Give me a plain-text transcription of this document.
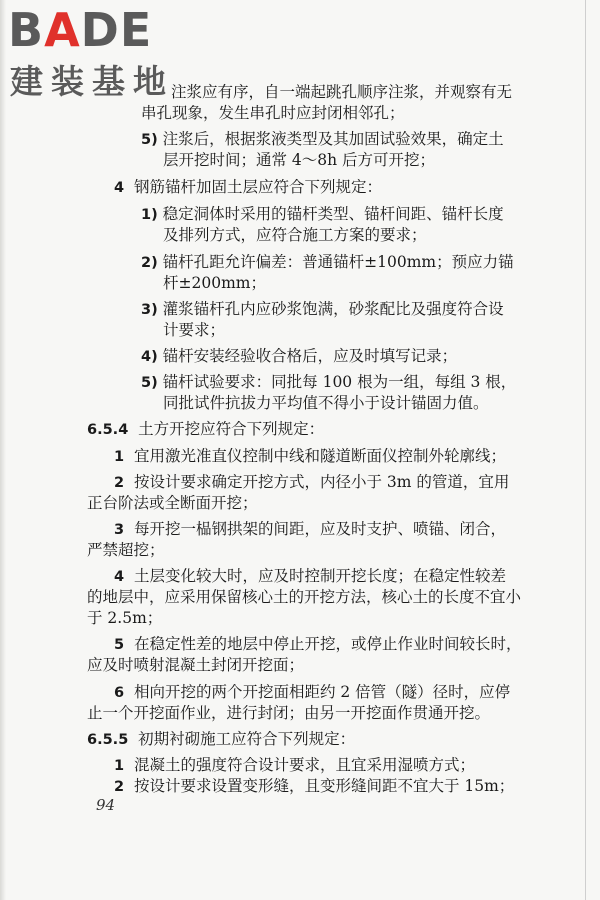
注浆应有序，自一端起跳孔顺序注浆，并观察有无
串孔现象，发生串孔时应封闭相邻孔；
5) 注浆后，根据浆液类型及其加固试验效果，确定土
层开挖时间；通常 4～8h 后方可开挖；
4 钢筋锚杆加固土层应符合下列规定：
1) 稳定洞体时采用的锚杆类型、锚杆间距、锚杆长度
及排列方式，应符合施工方案的要求；
2) 锚杆孔距允许偏差：普通锚杆±100mm；预应力锚
杆±200mm；
3) 灌浆锚杆孔内应砂浆饱满，砂浆配比及强度符合设
计要求；
4) 锚杆安装经验收合格后，应及时填写记录；
5) 锚杆试验要求：同批每 100 根为一组，每组 3 根，
同批试件抗拔力平均值不得小于设计锚固力值。
6.5.4 土方开挖应符合下列规定：
1 宜用激光准直仪控制中线和隧道断面仪控制外轮廓线；
2 按设计要求确定开挖方式，内径小于 3m 的管道，宜用
正台阶法或全断面开挖；
3 每开挖一榀钢拱架的间距，应及时支护、喷锚、闭合，
严禁超挖；
4 土层变化较大时，应及时控制开挖长度；在稳定性较差
的地层中，应采用保留核心土的开挖方法，核心土的长度不宜小
于 2.5m；
5 在稳定性差的地层中停止开挖，或停止作业时间较长时，
应及时喷射混凝土封闭开挖面；
6 相向开挖的两个开挖面相距约 2 倍管（隧）径时，应停
止一个开挖面作业，进行封闭；由另一开挖面作贯通开挖。
6.5.5 初期衬砌施工应符合下列规定：
1 混凝土的强度符合设计要求，且宜采用湿喷方式；
2 按设计要求设置变形缝，且变形缝间距不宜大于 15m；
BADE
建装基地
94
